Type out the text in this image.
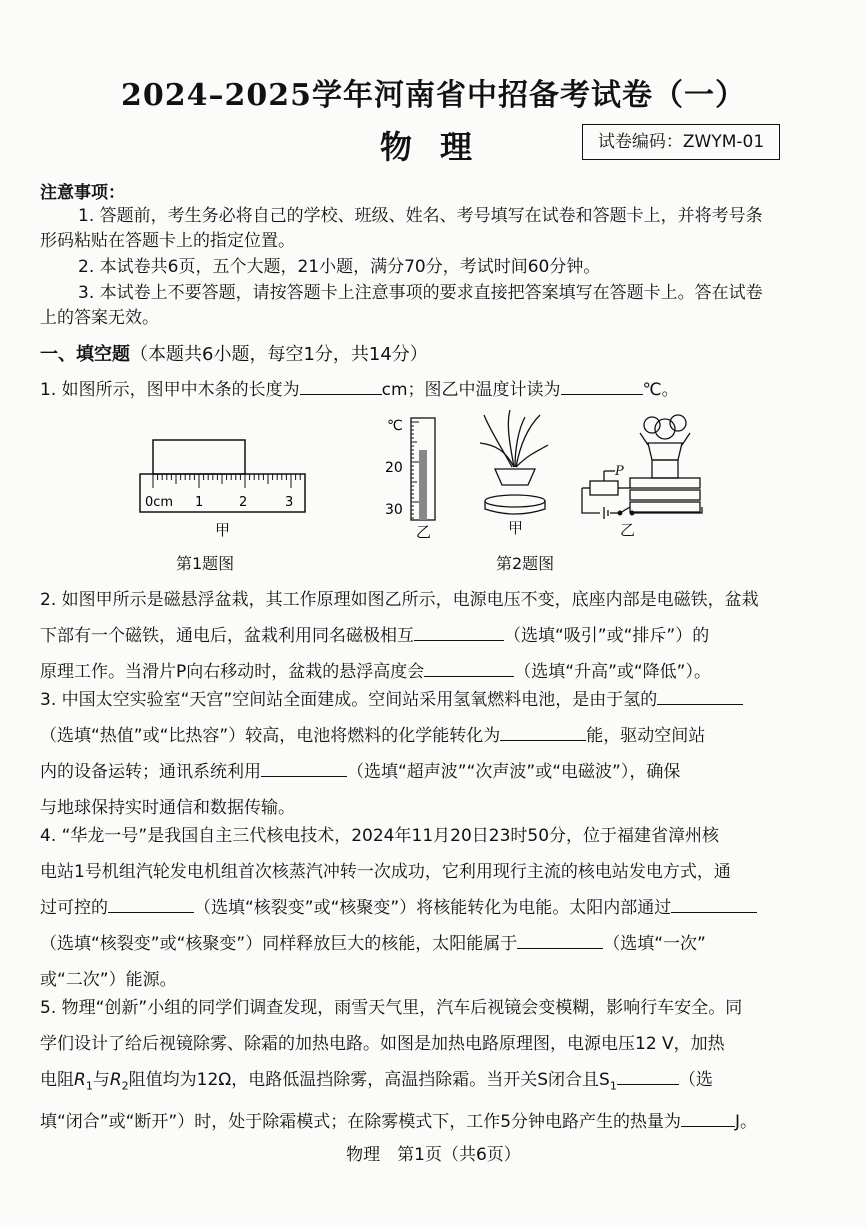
2024–2025学年河南省中招备考试卷（一）
物理	试卷编码：ZWYM-01
注意事项：
1. 答题前，考生务必将自己的学校、班级、姓名、考号填写在试卷和答题卡上，并将考号条
形码粘贴在答题卡上的指定位置。
2. 本试卷共6页，五个大题，21小题，满分70分，考试时间60分钟。
3. 本试卷上不要答题，请按答题卡上注意事项的要求直接把答案填写在答题卡上。答在试卷
上的答案无效。
一、填空题（本题共6小题，每空1分，共14分）
1. 如图所示，图甲中木条的长度为	cm；图乙中温度计读为	℃。
0cm 1	2	3
甲
℃
20
30
乙
第1题图
甲
P
乙
第2题图
2. 如图甲所示是磁悬浮盆栽，其工作原理如图乙所示，电源电压不变，底座内部是电磁铁，盆栽
下部有一个磁铁，通电后，盆栽利用同名磁极相互	（选填“吸引”或“排斥”）的
原理工作。当滑片P向右移动时，盆栽的悬浮高度会	（选填“升高”或“降低”）。
3. 中国太空实验室“天宫”空间站全面建成。空间站采用氢氧燃料电池，是由于氢的
（选填“热值”或“比热容”）较高，电池将燃料的化学能转化为	能，驱动空间站
内的设备运转；通讯系统利用	（选填“超声波”“次声波”或“电磁波”），确保
与地球保持实时通信和数据传输。
4. “华龙一号”是我国自主三代核电技术，2024年11月20日23时50分，位于福建省漳州核
电站1号机组汽轮发电机组首次核蒸汽冲转一次成功，它利用现行主流的核电站发电方式，通
过可控的	（选填“核裂变”或“核聚变”）将核能转化为电能。太阳内部通过
（选填“核裂变”或“核聚变”）同样释放巨大的核能，太阳能属于	（选填“一次”
或“二次”）能源。
5. 物理“创新”小组的同学们调查发现，雨雪天气里，汽车后视镜会变模糊，影响行车安全。同
学们设计了给后视镜除雾、除霜的加热电路。如图是加热电路原理图，电源电压12 V，加热
电阻$R_1$与$R_2$阻值均为12Ω，电路低温挡除雾，高温挡除霜。当开关S闭合且$S_1$	（选
填“闭合”或“断开”）时，处于除霜模式；在除雾模式下，工作5分钟电路产生的热量为	J。
物理　第1页（共6页）
